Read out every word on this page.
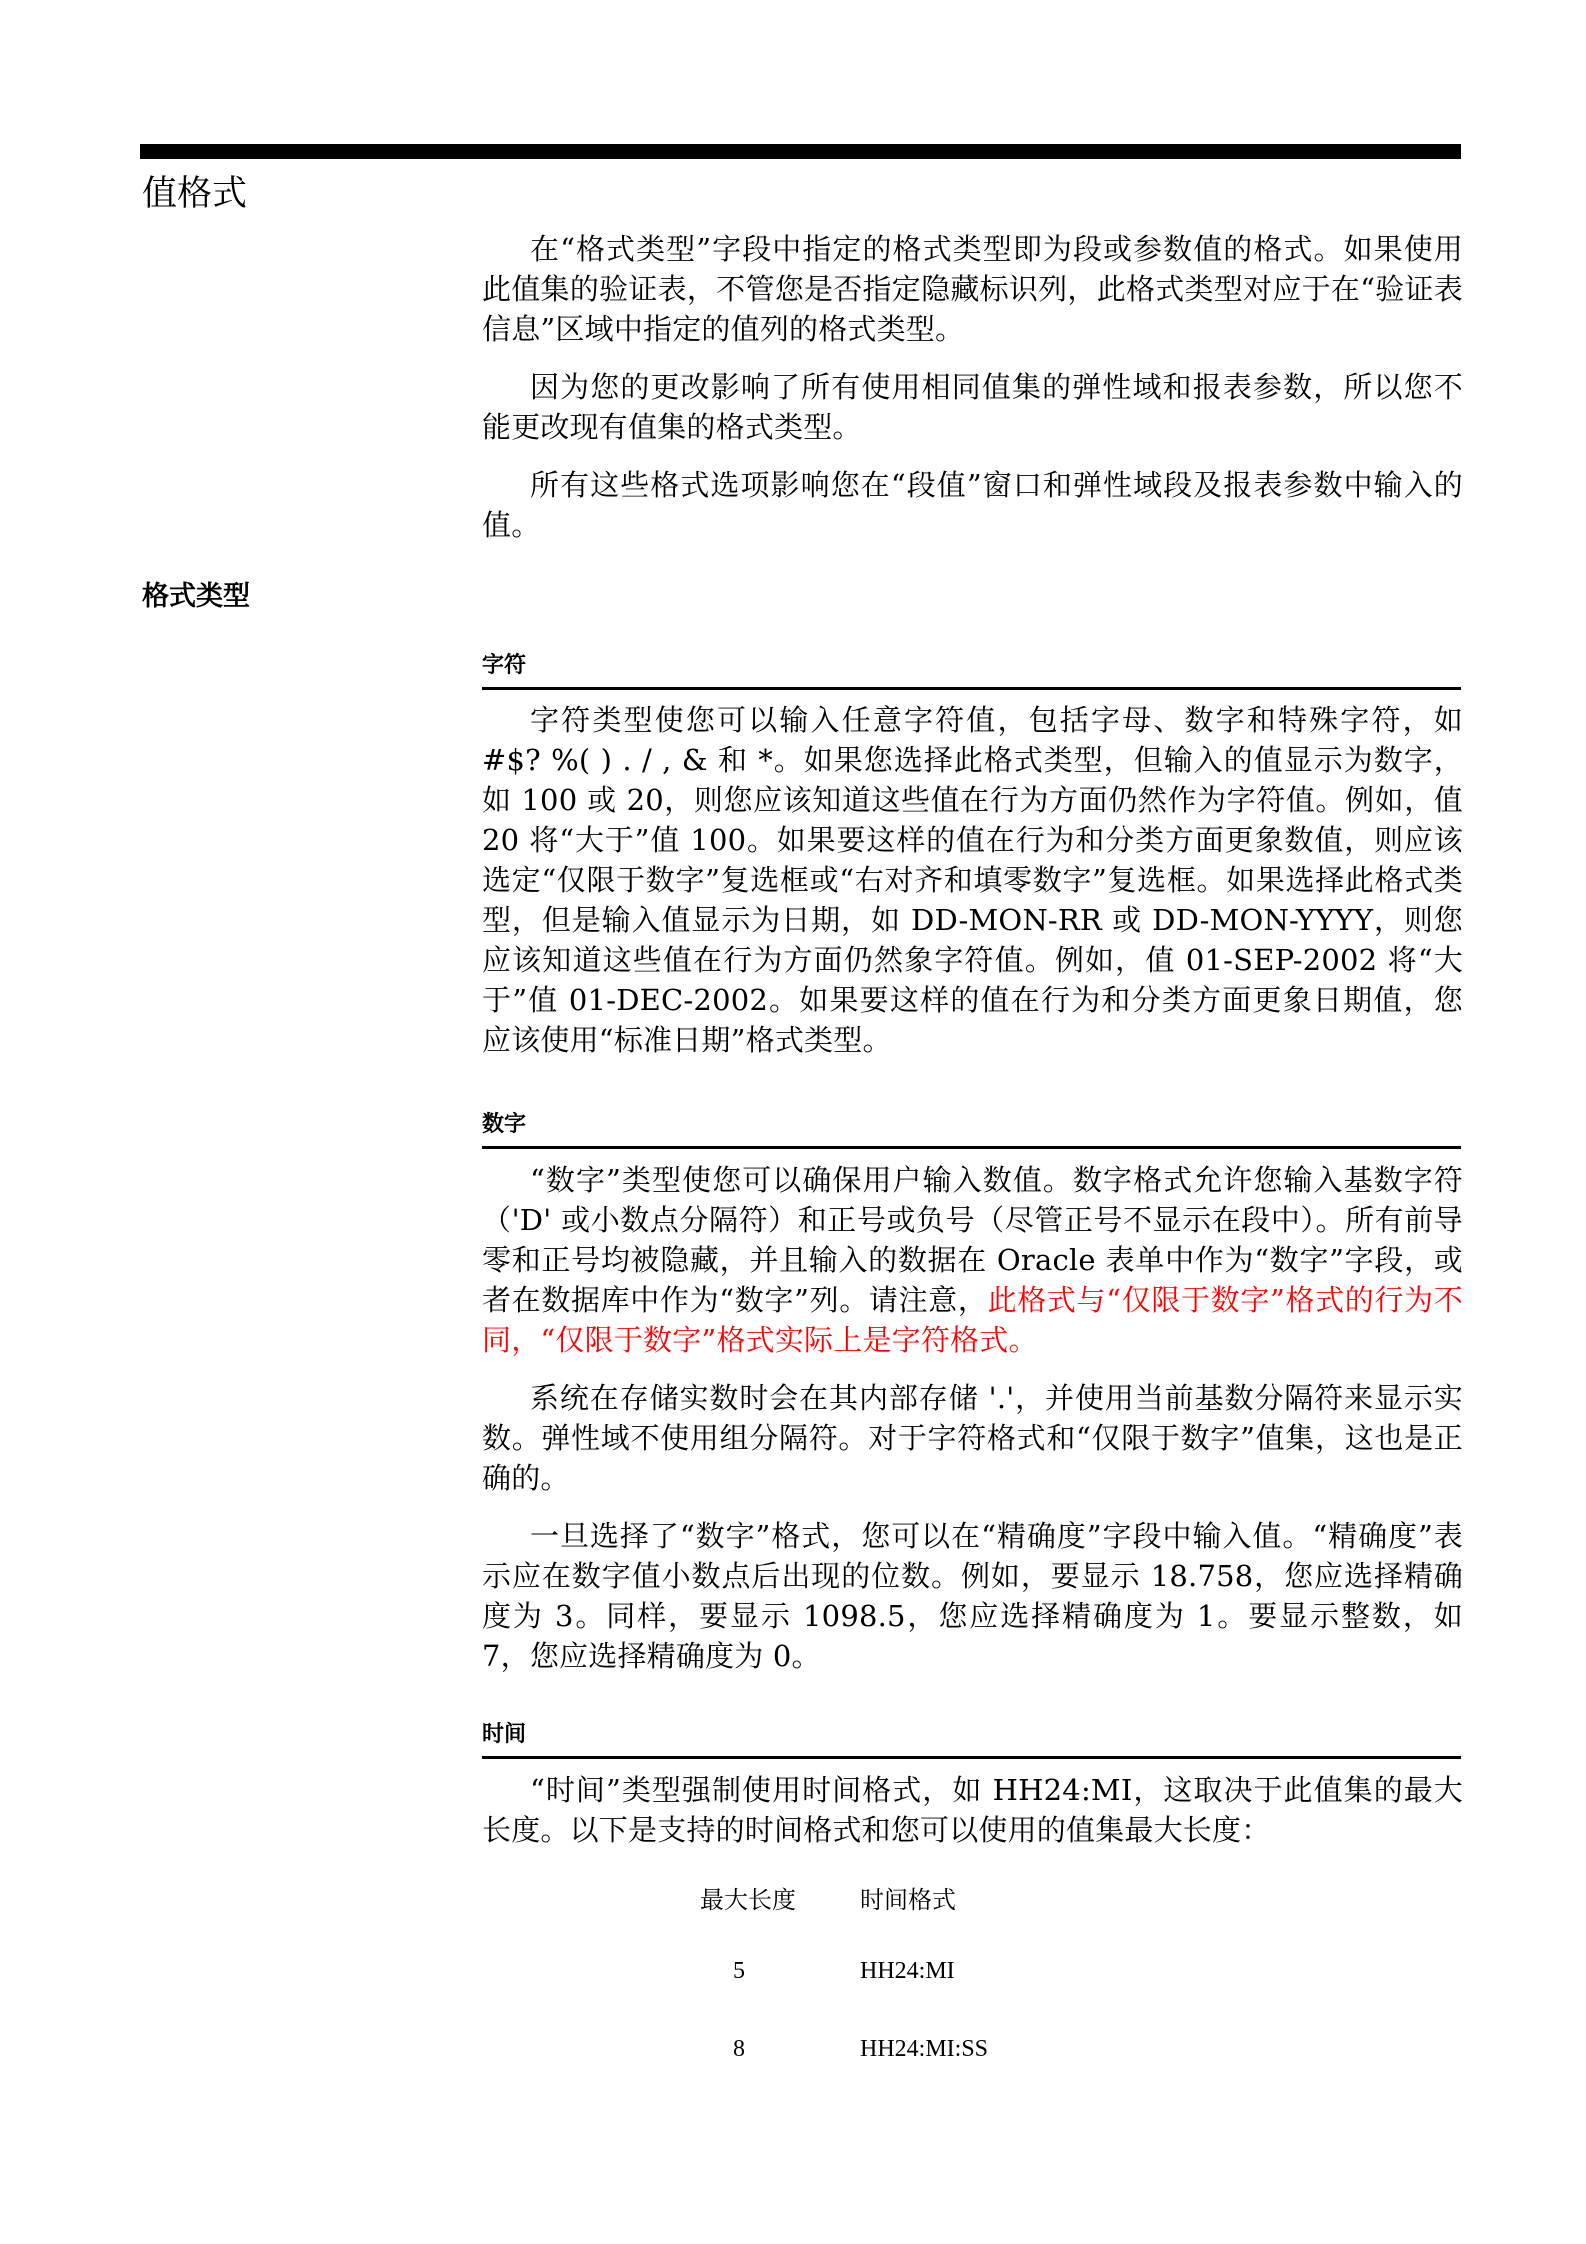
值格式

在“格式类型”字段中指定的格式类型即为段或参数值的格式。如果使用此值集的验证表，不管您是否指定隐藏标识列，此格式类型对应于在“验证表信息”区域中指定的值列的格式类型。

因为您的更改影响了所有使用相同值集的弹性域和报表参数，所以您不能更改现有值集的格式类型。

所有这些格式选项影响您在“段值”窗口和弹性域段及报表参数中输入的值。

格式类型
字符

字符类型使您可以输入任意字符值，包括字母、数字和特殊字符，如 #$? %( ) . / , & 和 *。如果您选择此格式类型，但输入的值显示为数字，如 100 或 20，则您应该知道这些值在行为方面仍然作为字符值。例如，值 20 将“大于”值 100。如果要这样的值在行为和分类方面更象数值，则应该选定“仅限于数字”复选框或“右对齐和填零数字”复选框。如果选择此格式类型，但是输入值显示为日期，如 DD-MON-RR 或 DD-MON-YYYY，则您应该知道这些值在行为方面仍然象字符值。例如，值 01-SEP-2002 将“大于”值 01-DEC-2002。如果要这样的值在行为和分类方面更象日期值，您应该使用“标准日期”格式类型。

数字

“数字”类型使您可以确保用户输入数值。数字格式允许您输入基数字符（'D' 或小数点分隔符）和正号或负号（尽管正号不显示在段中）。所有前导零和正号均被隐藏，并且输入的数据在 Oracle 表单中作为“数字”字段，或者在数据库中作为“数字”列。请注意，此格式与“仅限于数字”格式的行为不同，“仅限于数字”格式实际上是字符格式。

系统在存储实数时会在其内部存储 '.'，并使用当前基数分隔符来显示实数。弹性域不使用组分隔符。对于字符格式和“仅限于数字”值集，这也是正确的。

一旦选择了“数字”格式，您可以在“精确度”字段中输入值。“精确度”表示应在数字值小数点后出现的位数。例如，要显示 18.758，您应选择精确度为 3。同样，要显示 1098.5，您应选择精确度为 1。要显示整数，如 7，您应选择精确度为 0。

时间

“时间”类型强制使用时间格式，如 HH24:MI，这取决于此值集的最大长度。以下是支持的时间格式和您可以使用的值集最大长度：

最大长度	时间格式
5	HH24:MI
8	HH24:MI:SS
